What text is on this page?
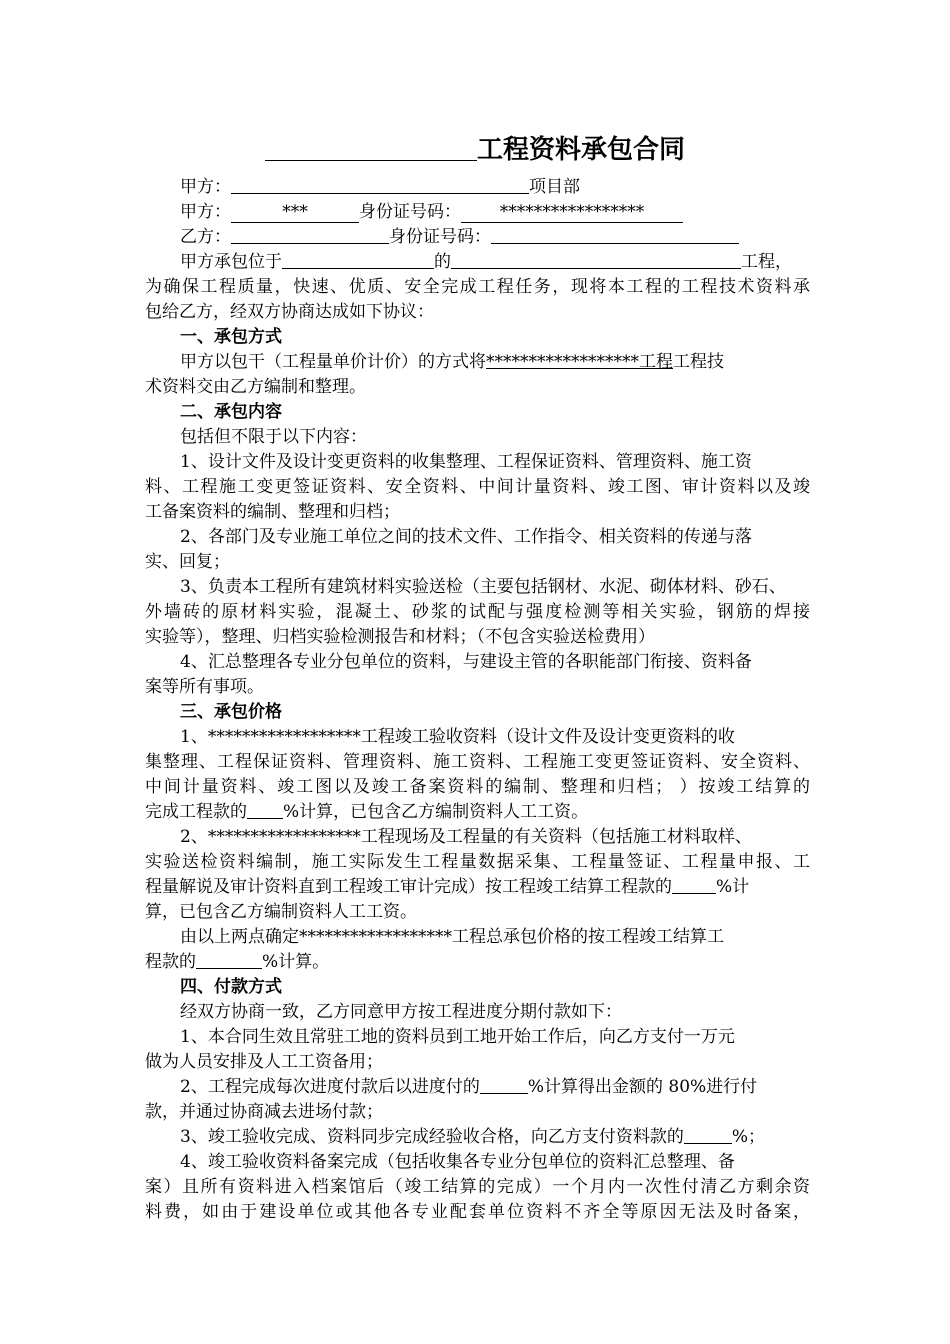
工程资料承包合同
甲方：	项目部
甲方：	***	身份证号码： *****************
乙方：	身份证号码：
甲方承包位于	的	工程，
为确保工程质量，快速、优质、安全完成工程任务，现将本工程的工程技术资料承
包给乙方，经双方协商达成如下协议：
一、承包方式
甲方以包干（工程量单价计价）的方式将******************工程工程技
术资料交由乙方编制和整理。
二、承包内容
包括但不限于以下内容：
1、设计文件及设计变更资料的收集整理、工程保证资料、管理资料、施工资
料、工程施工变更签证资料、安全资料、中间计量资料、竣工图、审计资料以及竣
工备案资料的编制、整理和归档；
2、各部门及专业施工单位之间的技术文件、工作指令、相关资料的传递与落
实、回复；
3、负责本工程所有建筑材料实验送检（主要包括钢材、水泥、砌体材料、砂石、
外墙砖的原材料实验，混凝土、砂浆的试配与强度检测等相关实验，钢筋的焊接
实验等），整理、归档实验检测报告和材料；（不包含实验送检费用）
4、汇总整理各专业分包单位的资料，与建设主管的各职能部门衔接、资料备
案等所有事项。
三、承包价格
1、******************工程竣工验收资料（设计文件及设计变更资料的收
集整理、工程保证资料、管理资料、施工资料、工程施工变更签证资料、安全资料、
中间计量资料、竣工图以及竣工备案资料的编制、整理和归档； ）按竣工结算的
完成工程款的 %计算，已包含乙方编制资料人工工资。
2、******************工程现场及工程量的有关资料（包括施工材料取样、
实验送检资料编制，施工实际发生工程量数据采集、工程量签证、工程量申报、工
程量解说及审计资料直到工程竣工审计完成）按工程竣工结算工程款的	%计
算，已包含乙方编制资料人工工资。
由以上两点确定******************工程总承包价格的按工程竣工结算工
程款的	%计算。
四、付款方式
经双方协商一致，乙方同意甲方按工程进度分期付款如下：
1、本合同生效且常驻工地的资料员到工地开始工作后，向乙方支付一万元
做为人员安排及人工工资备用；
2、工程完成每次进度付款后以进度付的	%计算得出金额的 80%进行付
款，并通过协商减去进场付款；
3、竣工验收完成、资料同步完成经验收合格，向乙方支付资料款的	%；
4、竣工验收资料备案完成（包括收集各专业分包单位的资料汇总整理、备
案）且所有资料进入档案馆后（竣工结算的完成）一个月内一次性付清乙方剩余资
料费，如由于建设单位或其他各专业配套单位资料不齐全等原因无法及时备案，
